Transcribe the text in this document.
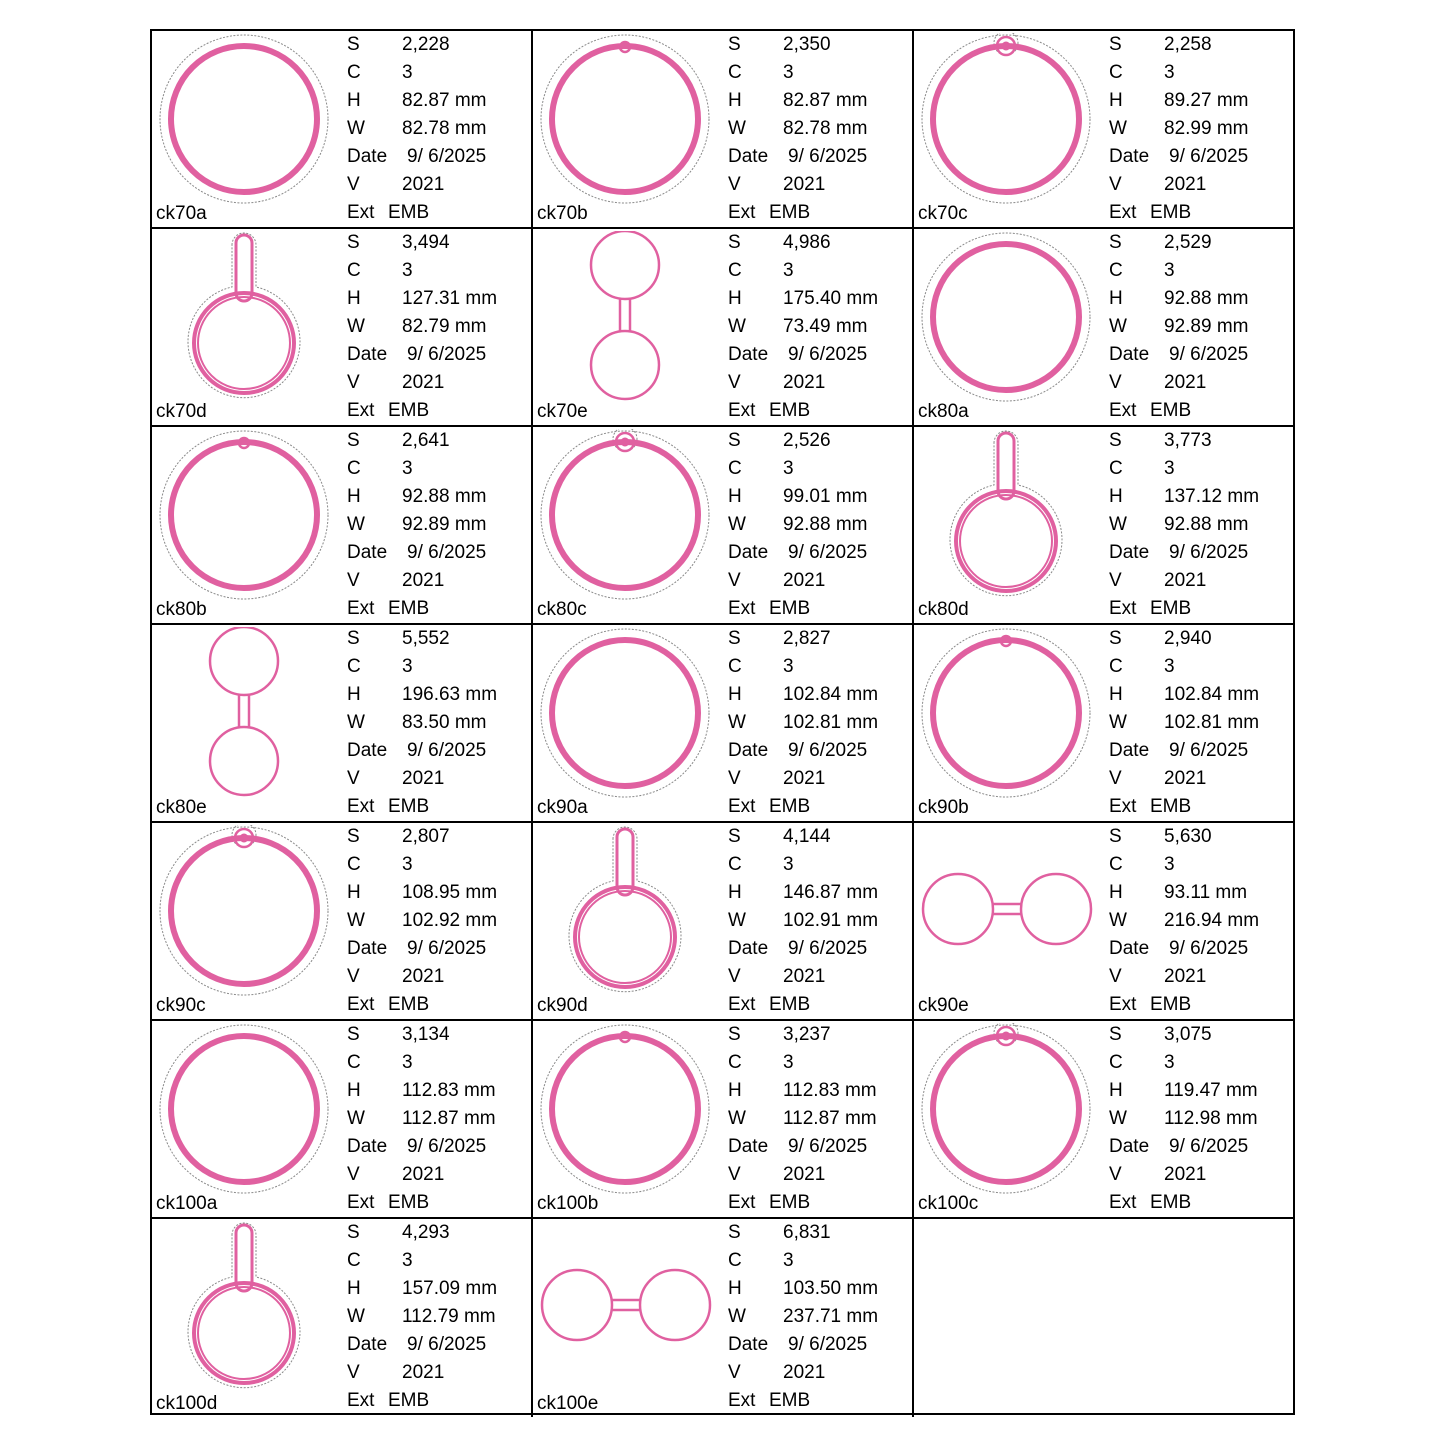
ck70a
S 2,228
C 3
H 82.87 mm
W 82.78 mm
Date 9/ 6/2025
V 2021
Ext EMB	ck70b
S 2,350
C 3
H 82.87 mm
W 82.78 mm
Date 9/ 6/2025
V 2021
Ext EMB	ck70c
S 2,258
C 3
H 89.27 mm
W 82.99 mm
Date 9/ 6/2025
V 2021
Ext EMB
ck70d
S 3,494
C 3
H 127.31 mm
W 82.79 mm
Date 9/ 6/2025
V 2021
Ext EMB	ck70e
S 4,986
C 3
H 175.40 mm
W 73.49 mm
Date 9/ 6/2025
V 2021
Ext EMB	ck80a
S 2,529
C 3
H 92.88 mm
W 92.89 mm
Date 9/ 6/2025
V 2021
Ext EMB
ck80b
S 2,641
C 3
H 92.88 mm
W 92.89 mm
Date 9/ 6/2025
V 2021
Ext EMB	ck80c
S 2,526
C 3
H 99.01 mm
W 92.88 mm
Date 9/ 6/2025
V 2021
Ext EMB	ck80d
S 3,773
C 3
H 137.12 mm
W 92.88 mm
Date 9/ 6/2025
V 2021
Ext EMB
ck80e
S 5,552
C 3
H 196.63 mm
W 83.50 mm
Date 9/ 6/2025
V 2021
Ext EMB	ck90a
S 2,827
C 3
H 102.84 mm
W 102.81 mm
Date 9/ 6/2025
V 2021
Ext EMB	ck90b
S 2,940
C 3
H 102.84 mm
W 102.81 mm
Date 9/ 6/2025
V 2021
Ext EMB
ck90c
S 2,807
C 3
H 108.95 mm
W 102.92 mm
Date 9/ 6/2025
V 2021
Ext EMB	ck90d
S 4,144
C 3
H 146.87 mm
W 102.91 mm
Date 9/ 6/2025
V 2021
Ext EMB	ck90e
S 5,630
C 3
H 93.11 mm
W 216.94 mm
Date 9/ 6/2025
V 2021
Ext EMB
ck100a
S 3,134
C 3
H 112.83 mm
W 112.87 mm
Date 9/ 6/2025
V 2021
Ext EMB	ck100b
S 3,237
C 3
H 112.83 mm
W 112.87 mm
Date 9/ 6/2025
V 2021
Ext EMB	ck100c
S 3,075
C 3
H 119.47 mm
W 112.98 mm
Date 9/ 6/2025
V 2021
Ext EMB
ck100d
S 4,293
C 3
H 157.09 mm
W 112.79 mm
Date 9/ 6/2025
V 2021
Ext EMB	ck100e
S 6,831
C 3
H 103.50 mm
W 237.71 mm
Date 9/ 6/2025
V 2021
Ext EMB
